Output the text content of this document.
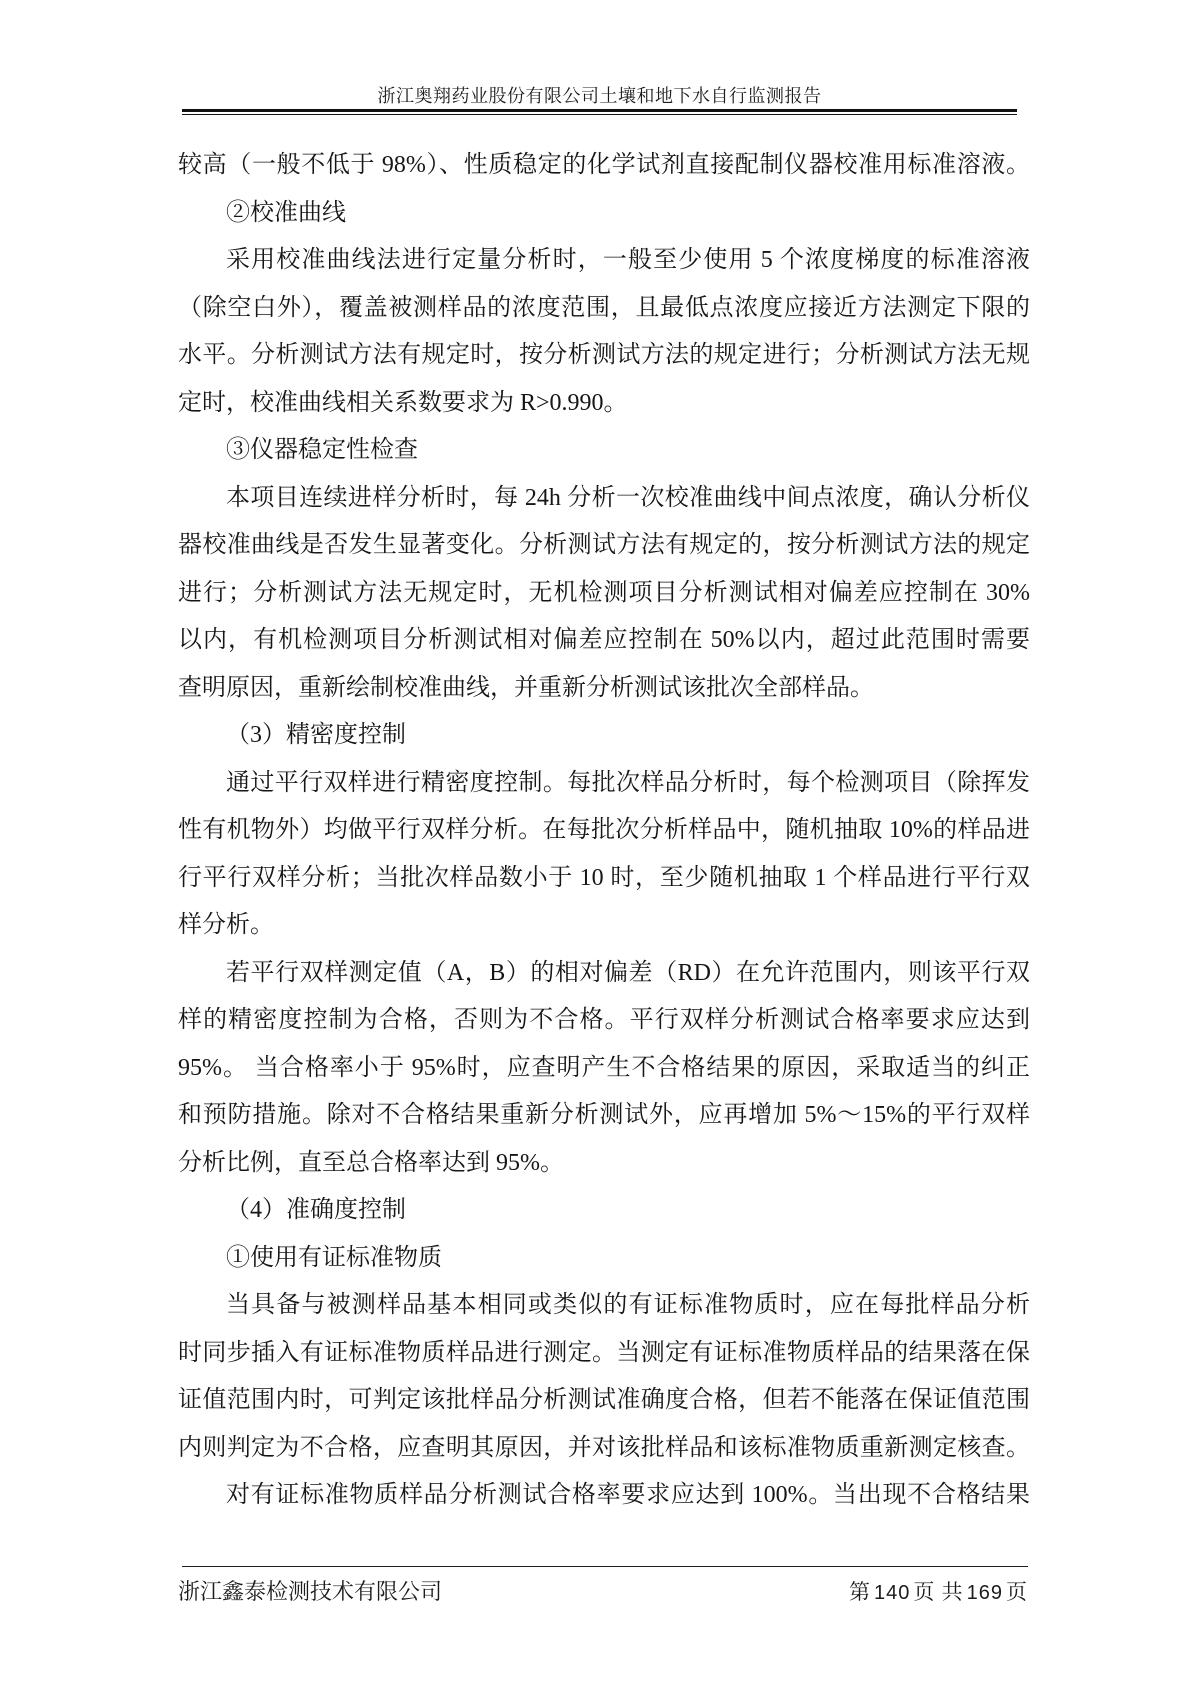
浙江奥翔药业股份有限公司土壤和地下水自行监测报告
较高（一般不低于 98%）、性质稳定的化学试剂直接配制仪器校准用标准溶液。
②校准曲线
采用校准曲线法进行定量分析时，一般至少使用 5 个浓度梯度的标准溶液
（除空白外），覆盖被测样品的浓度范围，且最低点浓度应接近方法测定下限的
水平。分析测试方法有规定时，按分析测试方法的规定进行；分析测试方法无规
定时，校准曲线相关系数要求为 R>0.990。
③仪器稳定性检查
本项目连续进样分析时，每 24h 分析一次校准曲线中间点浓度，确认分析仪
器校准曲线是否发生显著变化。分析测试方法有规定的，按分析测试方法的规定
进行；分析测试方法无规定时，无机检测项目分析测试相对偏差应控制在 30%
以内，有机检测项目分析测试相对偏差应控制在 50%以内，超过此范围时需要
查明原因，重新绘制校准曲线，并重新分析测试该批次全部样品。
（3）精密度控制
通过平行双样进行精密度控制。每批次样品分析时，每个检测项目（除挥发
性有机物外）均做平行双样分析。在每批次分析样品中，随机抽取 10%的样品进
行平行双样分析；当批次样品数小于 10 时，至少随机抽取 1 个样品进行平行双
样分析。
若平行双样测定值（A，B）的相对偏差（RD）在允许范围内，则该平行双
样的精密度控制为合格，否则为不合格。平行双样分析测试合格率要求应达到
95%。 当合格率小于 95%时，应查明产生不合格结果的原因，采取适当的纠正
和预防措施。除对不合格结果重新分析测试外，应再增加 5%～15%的平行双样
分析比例，直至总合格率达到 95%。
（4）准确度控制
①使用有证标准物质
当具备与被测样品基本相同或类似的有证标准物质时，应在每批样品分析
时同步插入有证标准物质样品进行测定。当测定有证标准物质样品的结果落在保
证值范围内时，可判定该批样品分析测试准确度合格，但若不能落在保证值范围
内则判定为不合格，应查明其原因，并对该批样品和该标准物质重新测定核查。
对有证标准物质样品分析测试合格率要求应达到 100%。当出现不合格结果
浙江鑫泰检测技术有限公司	第 140 页 共 169 页
